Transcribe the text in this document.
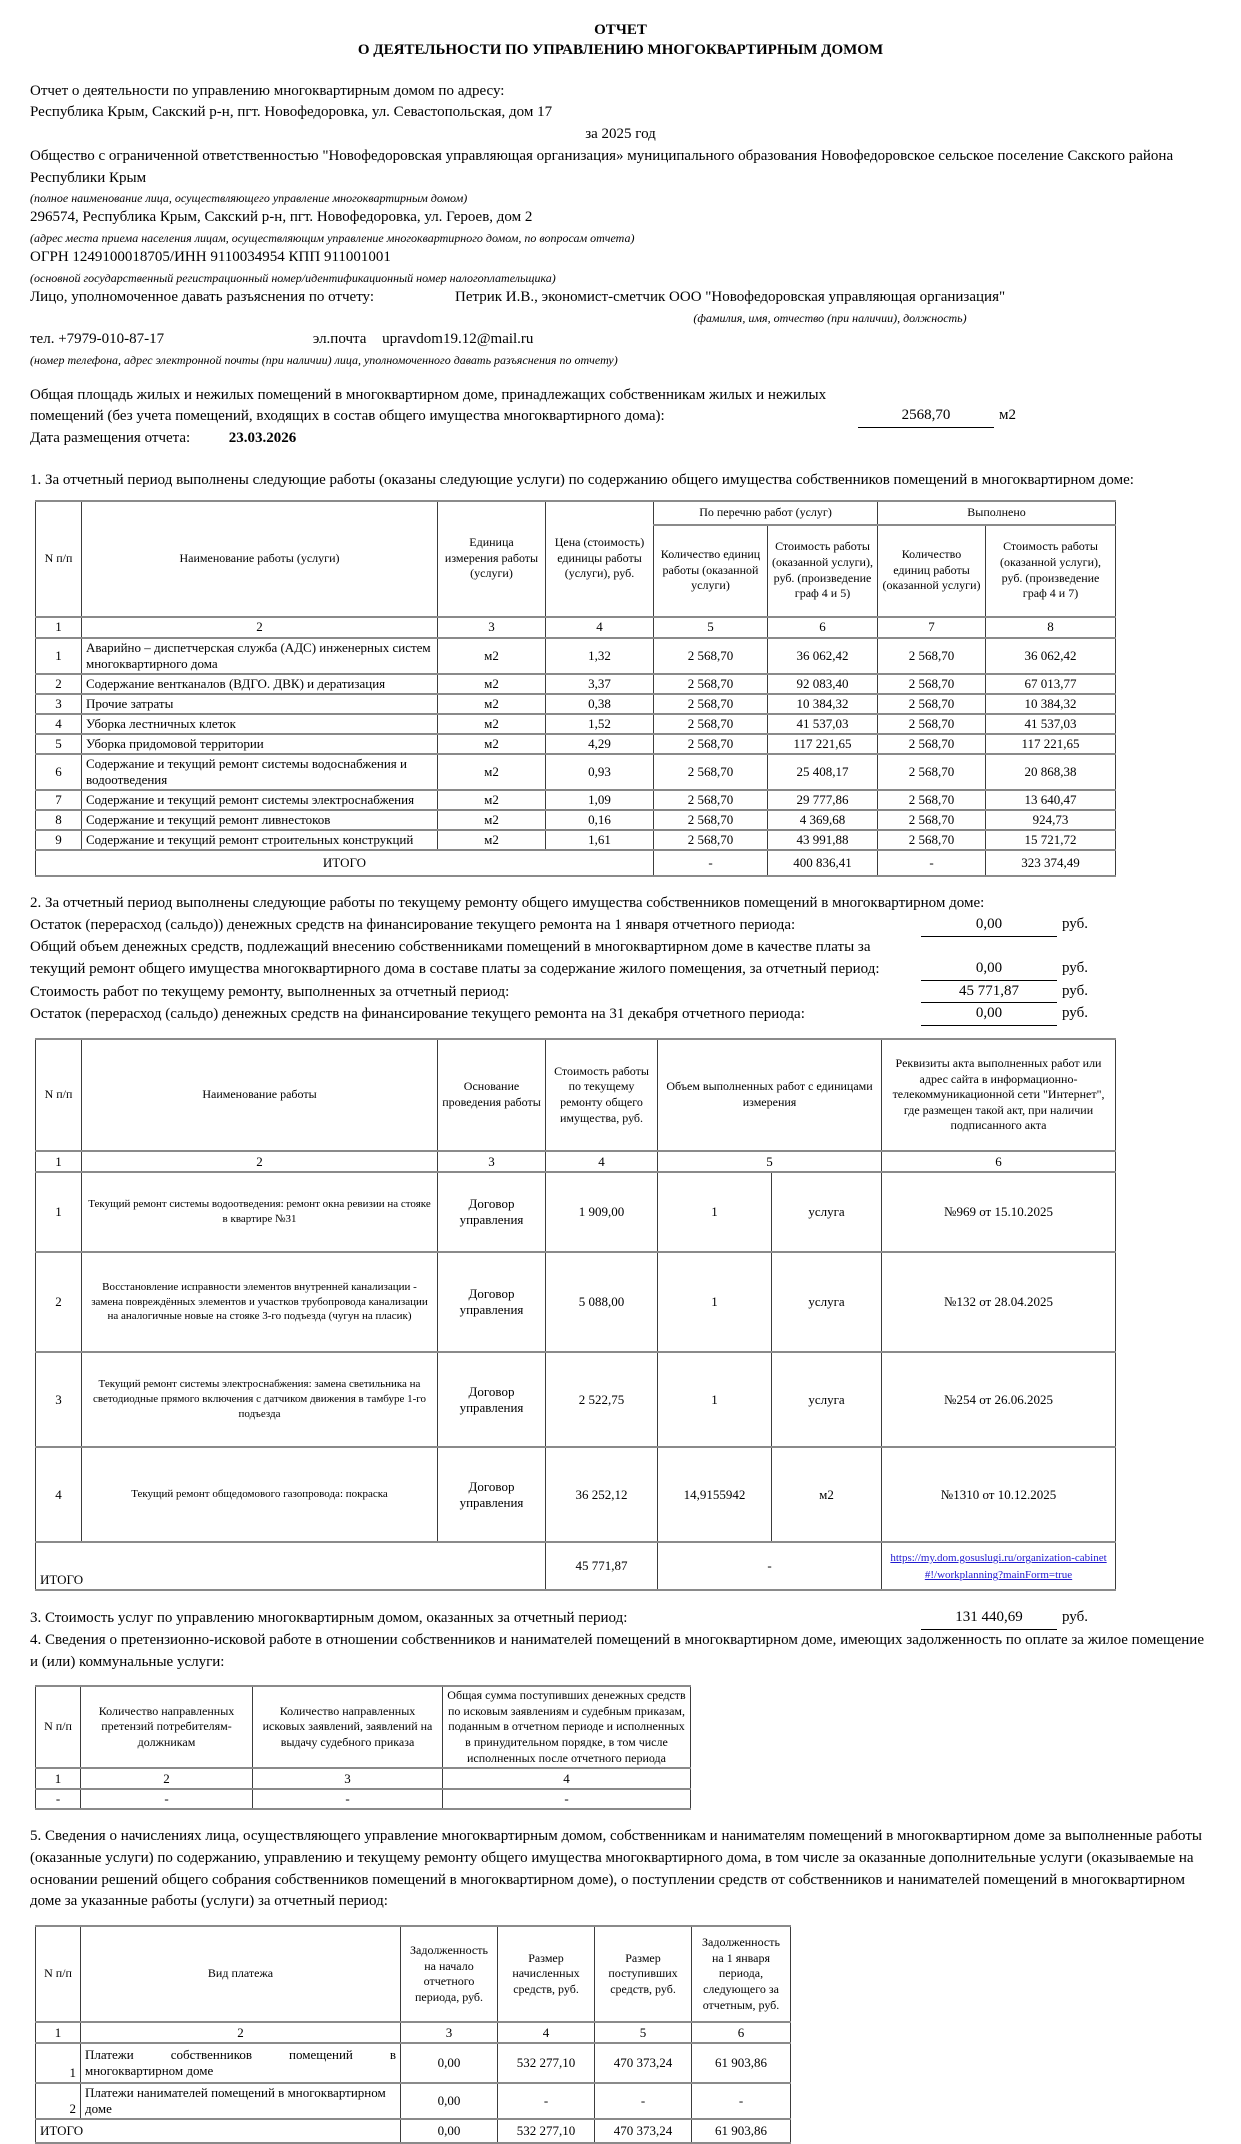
ОТЧЕТ
О ДЕЯТЕЛЬНОСТИ ПО УПРАВЛЕНИЮ МНОГОКВАРТИРНЫМ ДОМОМ
Отчет о деятельности по управлению многоквартирным домом по адресу:
Республика Крым, Сакский р-н, пгт. Новофедоровка, ул. Севастопольская, дом 17
за 2025 год
Общество с ограниченной ответственностью "Новофедоровская управляющая организация» муниципального образования Новофедоровское сельское поселение Сакского района Республики Крым
(полное наименование лица, осуществляющего управление многоквартирным домом)
296574, Республика Крым, Сакский р-н, пгт. Новофедоровка, ул. Героев, дом 2
(адрес места приема населения лицам, осуществляющим управление многоквартирного домом, по вопросам отчета)
ОГРН 1249100018705/ИНН 9110034954 КПП 911001001
(основной государственный регистрационный номер/идентификационный номер налогоплательщика)
Лицо, уполномоченное давать разъяснения по отчету:	Петрик И.В., экономист-сметчик ООО "Новофедоровская управляющая организация"
(фамилия, имя, отчество (при наличии), должность)
тел. +7979-010-87-17	эл.почта upravdom19.12@mail.ru
(номер телефона, адрес электронной почты (при наличии) лица, уполномоченного давать разъяснения по отчету)
Общая площадь жилых и нежилых помещений в многоквартирном доме, принадлежащих собственникам жилых и нежилых помещений (без учета помещений, входящих в состав общего имущества многоквартирного дома):	2568,70	м2
Дата размещения отчета:	23.03.2026
1. За отчетный период выполнены следующие работы (оказаны следующие услуги) по содержанию общего имущества собственников помещений в многоквартирном доме:
N п/п	Наименование работы (услуги)	Единица измерения работы (услуги)	Цена (стоимость) единицы работы (услуги), руб.	По перечню работ (услуг)		Выполнено	
				Количество единиц работы (оказанной услуги)	Стоимость работы (оказанной услуги), руб. (произведение граф 4 и 5)	Количество единиц работы (оказанной услуги)	Стоимость работы (оказанной услуги), руб. (произведение граф 4 и 7)
1	2	3	4	5	6	7	8
1	Аварийно – диспетчерская служба (АДС) инженерных систем многоквартирного дома	м2	1,32	2 568,70	36 062,42	2 568,70	36 062,42
2	Содержание вентканалов (ВДГО. ДВК) и дератизация	м2	3,37	2 568,70	92 083,40	2 568,70	67 013,77
3	Прочие затраты	м2	0,38	2 568,70	10 384,32	2 568,70	10 384,32
4	Уборка лестничных клеток	м2	1,52	2 568,70	41 537,03	2 568,70	41 537,03
5	Уборка придомовой территории	м2	4,29	2 568,70	117 221,65	2 568,70	117 221,65
6	Содержание и текущий ремонт системы водоснабжения и водоотведения	м2	0,93	2 568,70	25 408,17	2 568,70	20 868,38
7	Содержание и текущий ремонт системы электроснабжения	м2	1,09	2 568,70	29 777,86	2 568,70	13 640,47
8	Содержание и текущий ремонт ливнестоков	м2	0,16	2 568,70	4 369,68	2 568,70	924,73
9	Содержание и текущий ремонт строительных конструкций	м2	1,61	2 568,70	43 991,88	2 568,70	15 721,72
ИТОГО				-	400 836,41	-	323 374,49
2. За отчетный период выполнены следующие работы по текущему ремонту общего имущества собственников помещений в многоквартирном доме:
Остаток (перерасход (сальдо)) денежных средств на финансирование текущего ремонта на 1 января отчетного периода:	0,00	руб.
Общий объем денежных средств, подлежащий внесению собственниками помещений в многоквартирном доме в качестве платы за текущий ремонт общего имущества многоквартирного дома в составе платы за содержание жилого помещения, за отчетный период:	0,00	руб.
Стоимость работ по текущему ремонту, выполненных за отчетный период:	45 771,87	руб.
Остаток (перерасход (сальдо) денежных средств на финансирование текущего ремонта на 31 декабря отчетного периода:	0,00	руб.
N п/п	Наименование работы	Основание проведения работы	Стоимость работы по текущему ремонту общего имущества, руб.	Объем выполненных работ с единицами измерения		Реквизиты акта выполненных работ или адрес сайта в информационно-телекоммуникационной сети "Интернет", где размещен такой акт, при наличии подписанного акта
1	2	3	4	5		6
1	Текущий ремонт системы водоотведения: ремонт окна ревизии на стояке в квартире №31	Договор управления	1 909,00	1	услуга	№969 от 15.10.2025
2	Восстановление исправности элементов внутренней канализации - замена повреждённых элементов и участков трубопровода канализации на аналогичные новые на стояке 3-го подъезда (чугун на пласик)	Договор управления	5 088,00	1	услуга	№132 от 28.04.2025
3	Текущий ремонт системы электроснабжения: замена светильника на светодиодные прямого включения с датчиком движения в тамбуре 1-го подъезда	Договор управления	2 522,75	1	услуга	№254 от 26.06.2025
4	Текущий ремонт общедомового газопровода: покраска	Договор управления	36 252,12	14,9155942	м2	№1310 от 10.12.2025
ИТОГО			45 771,87	-		https://my.dom.gosuslugi.ru/organization-cabinet#!/workplanning?mainForm=true
3. Стоимость услуг по управлению многоквартирным домом, оказанных за отчетный период:	131 440,69	руб.
4. Сведения о претензионно-исковой работе в отношении собственников и нанимателей помещений в многоквартирном доме, имеющих задолженность по оплате за жилое помещение и (или) коммунальные услуги:
N п/п	Количество направленных претензий потребителям-должникам	Количество направленных исковых заявлений, заявлений на выдачу судебного приказа	Общая сумма поступивших денежных средств по исковым заявлениям и судебным приказам, поданным в отчетном периоде и исполненных в принудительном порядке, в том числе исполненных после отчетного периода
1	2	3	4
-	-	-	-
5. Сведения о начислениях лица, осуществляющего управление многоквартирным домом, собственникам и нанимателям помещений в многоквартирном доме за выполненные работы (оказанные услуги) по содержанию, управлению и текущему ремонту общего имущества многоквартирного дома, в том числе за оказанные дополнительные услуги (оказываемые на основании решений общего собрания собственников помещений в многоквартирном доме), о поступлении средств от собственников и нанимателей помещений в многоквартирном доме за указанные работы (услуги) за отчетный период:
N п/п	Вид платежа	Задолженность на начало отчетного периода, руб.	Размер начисленных средств, руб.	Размер поступивших средств, руб.	Задолженность на 1 января периода, следующего за отчетным, руб.
1	2	3	4	5	6
1	Платежи собственников помещений в многоквартирном доме	0,00	532 277,10	470 373,24	61 903,86
2	Платежи нанимателей помещений в многоквартирном доме	0,00	-	-	-
ИТОГО		0,00	532 277,10	470 373,24	61 903,86
